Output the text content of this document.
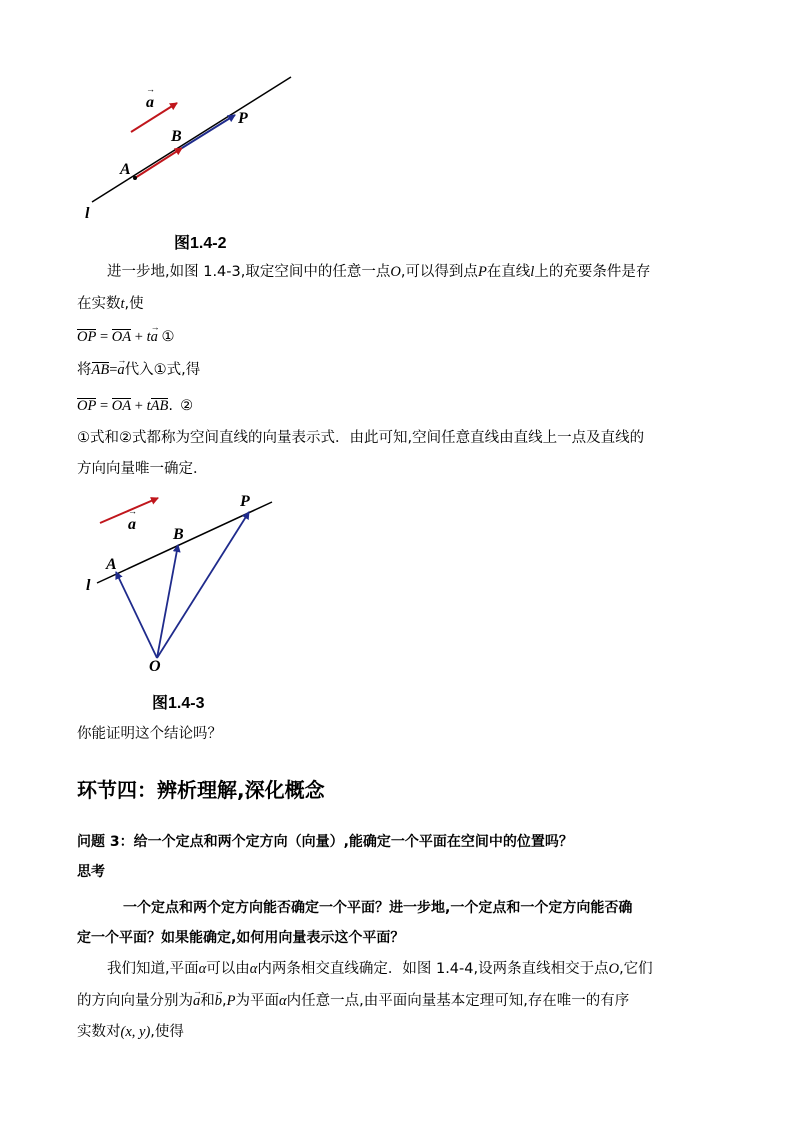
→ a
B
A
P
l
图1.4-2
进一步地,如图 1.4-3,取定空间中的任意一点O,可以得到点P在直线l上的充要条件是存
在实数t,使
OP = OA + t→ a ①
将AB=→ a代入①式,得
OP = OA + tAB. ②
①式和②式都称为空间直线的向量表示式．由此可知,空间任意直线由直线上一点及直线的
方向向量唯一确定．
→ a
A
B
P
l
O
图1.4-3
你能证明这个结论吗？
环节四：辨析理解,深化概念
问题 3：给一个定点和两个定方向（向量）,能确定一个平面在空间中的位置吗？
思考
一个定点和两个定方向能否确定一个平面？进一步地,一个定点和一个定方向能否确
定一个平面？如果能确定,如何用向量表示这个平面？
我们知道,平面α可以由α内两条相交直线确定．如图 1.4-4,设两条直线相交于点O,它们
的方向向量分别为→ a和→ b,P为平面α内任意一点,由平面向量基本定理可知,存在唯一的有序
实数对(x, y),使得
